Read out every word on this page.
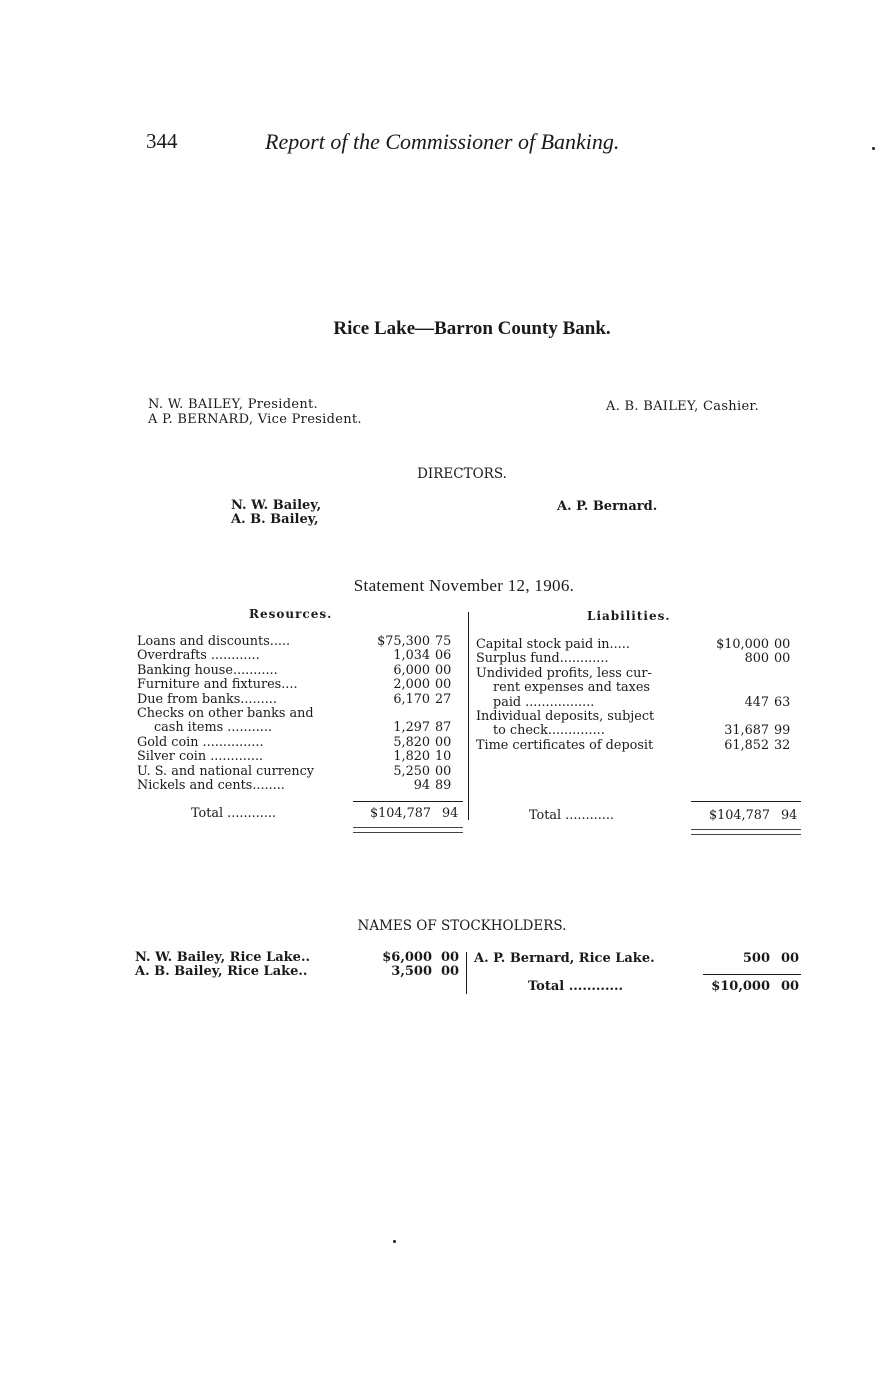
344	Report of the Commissioner of Banking.
Rice Lake—Barron County Bank.
N. W. BAILEY, President.
A P. BERNARD, Vice President.
A. B. BAILEY, Cashier.
DIRECTORS.
N. W. Bailey,
A. B. Bailey,
A. P. Bernard.
Statement November 12, 1906.
Resources.	Liabilities.
Loans and discounts.....	$75,300 75
Overdrafts ............	1,034 06
Banking house...........	6,000 00
Furniture and fixtures....	2,000 00
Due from banks.........	6,170 27
Checks on other banks and
cash items ...........	1,297 87
Gold coin ...............	5,820 00
Silver coin .............	1,820 10
U. S. and national currency	5,250 00
Nickels and cents........	94 89
Total ............	$104,787 94
Capital stock paid in.....	$10,000 00
Surplus fund............	800 00
Undivided profits, less cur-
rent expenses and taxes
paid .................	447 63
Individual deposits, subject
to check..............	31,687 99
Time certificates of deposit	61,852 32
Total ............	$104,787 94
NAMES OF STOCKHOLDERS.
N. W. Bailey, Rice Lake..	$6,000 00
A. B. Bailey, Rice Lake..	3,500 00
A. P. Bernard, Rice Lake.	500 00
Total ............	$10,000 00
